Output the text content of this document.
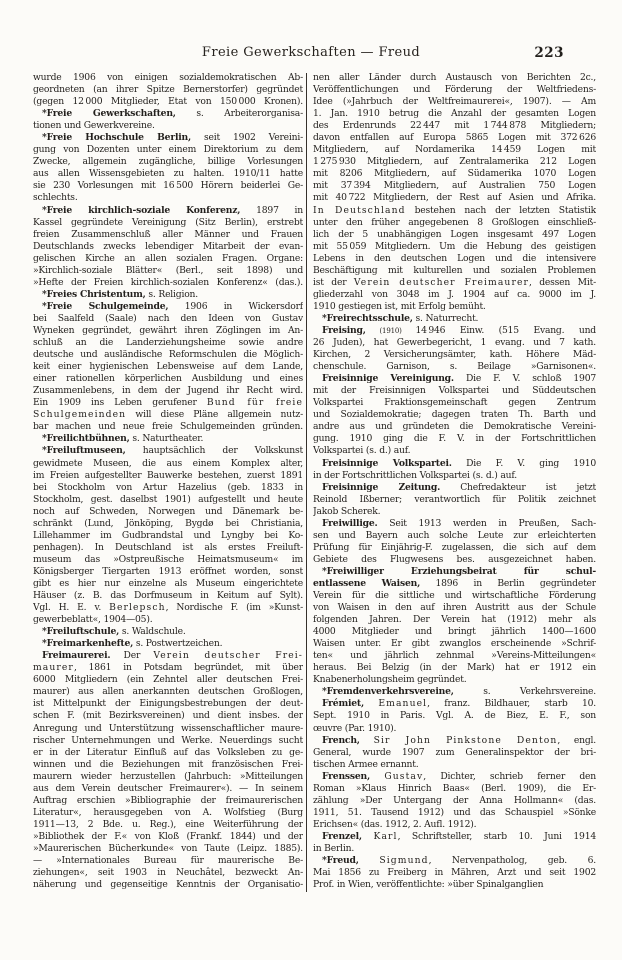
Freie Gewerkschaften — Freud	223
wurde 1906 von einigen sozialdemokratischen Ab-
geordneten (an ihrer Spitze Bernerstorfer) gegründet
(gegen 12 000 Mitglieder, Etat von 150 000 Kronen).
*Freie Gewerkschaften, s. Arbeiterorganisa-
tionen und Gewerkvereine.
*Freie Hochschule Berlin, seit 1902 Vereini-
gung von Dozenten unter einem Direktorium zu dem
Zwecke, allgemein zugängliche, billige Vorlesungen
aus allen Wissensgebieten zu halten. 1910/11 hatte
sie 230 Vorlesungen mit 16 500 Hörern beiderlei Ge-
schlechts.
*Freie kirchlich-soziale Konferenz, 1897 in
Kassel gegründete Vereinigung (Sitz Berlin), erstrebt
freien Zusammenschluß aller Männer und Frauen
Deutschlands zwecks lebendiger Mitarbeit der evan-
gelischen Kirche an allen sozialen Fragen. Organe:
»Kirchlich-soziale Blätter« (Berl., seit 1898) und
»Hefte der Freien kirchlich-sozialen Konferenz« (das.).
*Freies Christentum, s. Religion.
*Freie Schulgemeinde, 1906 in Wickersdorf
bei Saalfeld (Saale) nach den Ideen von Gustav
Wyneken gegründet, gewährt ihren Zöglingen im An-
schluß an die Landerziehungsheime sowie andre
deutsche und ausländische Reformschulen die Möglich-
keit einer hygienischen Lebensweise auf dem Lande,
einer rationellen körperlichen Ausbildung und eines
Zusammenlebens, in dem der Jugend ihr Recht wird.
Ein 1909 ins Leben gerufener Bund für freie
Schulgemeinden will diese Pläne allgemein nutz-
bar machen und neue freie Schulgemeinden gründen.
*Freilichtbühnen, s. Naturtheater.
*Freiluftmuseen, hauptsächlich der Volkskunst
gewidmete Museen, die aus einem Komplex alter,
im Freien aufgestellter Bauwerke bestehen, zuerst 1891
bei Stockholm von Artur Hazelius (geb. 1833 in
Stockholm, gest. daselbst 1901) aufgestellt und heute
noch auf Schweden, Norwegen und Dänemark be-
schränkt (Lund, Jönköping, Bygdø bei Christiania,
Lillehammer im Gudbrandstal und Lyngby bei Ko-
penhagen). In Deutschland ist als erstes Freiluft-
museum das »Ostpreußische Heimatsmuseum« im
Königsberger Tiergarten 1913 eröffnet worden, sonst
gibt es hier nur einzelne als Museum eingerichtete
Häuser (z. B. das Dorfmuseum in Keitum auf Sylt).
Vgl. H. E. v. Berlepsch, Nordische F. (im »Kunst-
gewerbeblatt«, 1904—05).
*Freiluftschule, s. Waldschule.
*Freimarkenhefte, s. Postwertzeichen.
Freimaurerei. Der Verein deutscher Frei-
maurer, 1861 in Potsdam begründet, mit über
6000 Mitgliedern (ein Zehntel aller deutschen Frei-
maurer) aus allen anerkannten deutschen Großlogen,
ist Mittelpunkt der Einigungsbestrebungen der deut-
schen F. (mit Bezirksvereinen) und dient insbes. der
Anregung und Unterstützung wissenschaftlicher maure-
rischer Unternehmungen und Werke. Neuerdings sucht
er in der Literatur Einfluß auf das Volksleben zu ge-
winnen und die Beziehungen mit französischen Frei-
maurern wieder herzustellen (Jahrbuch: »Mitteilungen
aus dem Verein deutscher Freimaurer«). — In seinem
Auftrag erschien »Bibliographie der freimaurerischen
Literatur«, herausgegeben von A. Wolfstieg (Burg
1911—13, 2 Bde. u. Reg.), eine Weiterführung der
»Bibliothek der F.« von Kloß (Frankf. 1844) und der
»Maurerischen Bücherkunde« von Taute (Leipz. 1885).
— »Internationales Bureau für maurerische Be-
ziehungen«, seit 1903 in Neuchâtel, bezweckt An-
näherung und gegenseitige Kenntnis der Organisatio-
nen aller Länder durch Austausch von Berichten 2c.,
Veröffentlichungen und Förderung der Weltfriedens-
Idee (»Jahrbuch der Weltfreimaurerei«, 1907). — Am
1. Jan. 1910 betrug die Anzahl der gesamten Logen
des Erdenrunds 22 447 mit 1 744 878 Mitgliedern;
davon entfallen auf Europa 5865 Logen mit 372 626
Mitgliedern, auf Nordamerika 14 459 Logen mit
1 275 930 Mitgliedern, auf Zentralamerika 212 Logen
mit 8206 Mitgliedern, auf Südamerika 1070 Logen
mit 37 394 Mitgliedern, auf Australien 750 Logen
mit 40 722 Mitgliedern, der Rest auf Asien und Afrika.
In Deutschland bestehen nach der letzten Statistik
unter den früher angegebenen 8 Großlogen einschließ-
lich der 5 unabhängigen Logen insgesamt 497 Logen
mit 55 059 Mitgliedern. Um die Hebung des geistigen
Lebens in den deutschen Logen und die intensivere
Beschäftigung mit kulturellen und sozialen Problemen
ist der Verein deutscher Freimaurer, dessen Mit-
gliederzahl von 3048 im J. 1904 auf ca. 9000 im J.
1910 gestiegen ist, mit Erfolg bemüht.
*Freirechtsschule, s. Naturrecht.
Freising, (1910) 14 946 Einw. (515 Evang. und
26 Juden), hat Gewerbegericht, 1 evang. und 7 kath.
Kirchen, 2 Versicherungsämter, kath. Höhere Mäd-
chenschule. Garnison, s. Beilage »Garnisonen«.
Freisinnige Vereinigung. Die F. V. schloß 1907
mit der Freisinnigen Volkspartei und Süddeutschen
Volkspartei Fraktionsgemeinschaft gegen Zentrum
und Sozialdemokratie; dagegen traten Th. Barth und
andre aus und gründeten die Demokratische Vereini-
gung. 1910 ging die F. V. in der Fortschrittlichen
Volkspartei (s. d.) auf.
Freisinnige Volkspartei. Die F. V. ging 1910
in der Fortschrittlichen Volkspartei (s. d.) auf.
Freisinnige Zeitung. Chefredakteur ist jetzt
Reinold Ißberner; verantwortlich für Politik zeichnet
Jakob Scherek.
Freiwillige. Seit 1913 werden in Preußen, Sach-
sen und Bayern auch solche Leute zur erleichterten
Prüfung für Einjährig-F. zugelassen, die sich auf dem
Gebiete des Flugwesens bes. ausgezeichnet haben.
*Freiwilliger Erziehungsbeirat für schul-
entlassene Waisen, 1896 in Berlin gegründeter
Verein für die sittliche und wirtschaftliche Förderung
von Waisen in den auf ihren Austritt aus der Schule
folgenden Jahren. Der Verein hat (1912) mehr als
4000 Mitglieder und bringt jährlich 1400—1600
Waisen unter. Er gibt zwanglos erscheinende »Schrif-
ten« und jährlich zehnmal »Vereins-Mitteilungen«
heraus. Bei Belzig (in der Mark) hat er 1912 ein
Knabenerholungsheim gegründet.
*Fremdenverkehrsvereine, s. Verkehrsvereine.
Frémiet, Emanuel, franz. Bildhauer, starb 10.
Sept. 1910 in Paris. Vgl. A. de Biez, E. F., son
œuvre (Par. 1910).
French, Sir John Pinkstone Denton, engl.
General, wurde 1907 zum Generalinspektor der bri-
tischen Armee ernannt.
Frenssen, Gustav, Dichter, schrieb ferner den
Roman »Klaus Hinrich Baas« (Berl. 1909), die Er-
zählung »Der Untergang der Anna Hollmann« (das.
1911, 51. Tausend 1912) und das Schauspiel »Sönke
Erichsen« (das. 1912, 2. Aufl. 1912).
Frenzel, Karl, Schriftsteller, starb 10. Juni 1914
in Berlin.
*Freud, Sigmund, Nervenpatholog, geb. 6.
Mai 1856 zu Freiberg in Mähren, Arzt und seit 1902
Prof. in Wien, veröffentlichte: »über Spinalganglien
